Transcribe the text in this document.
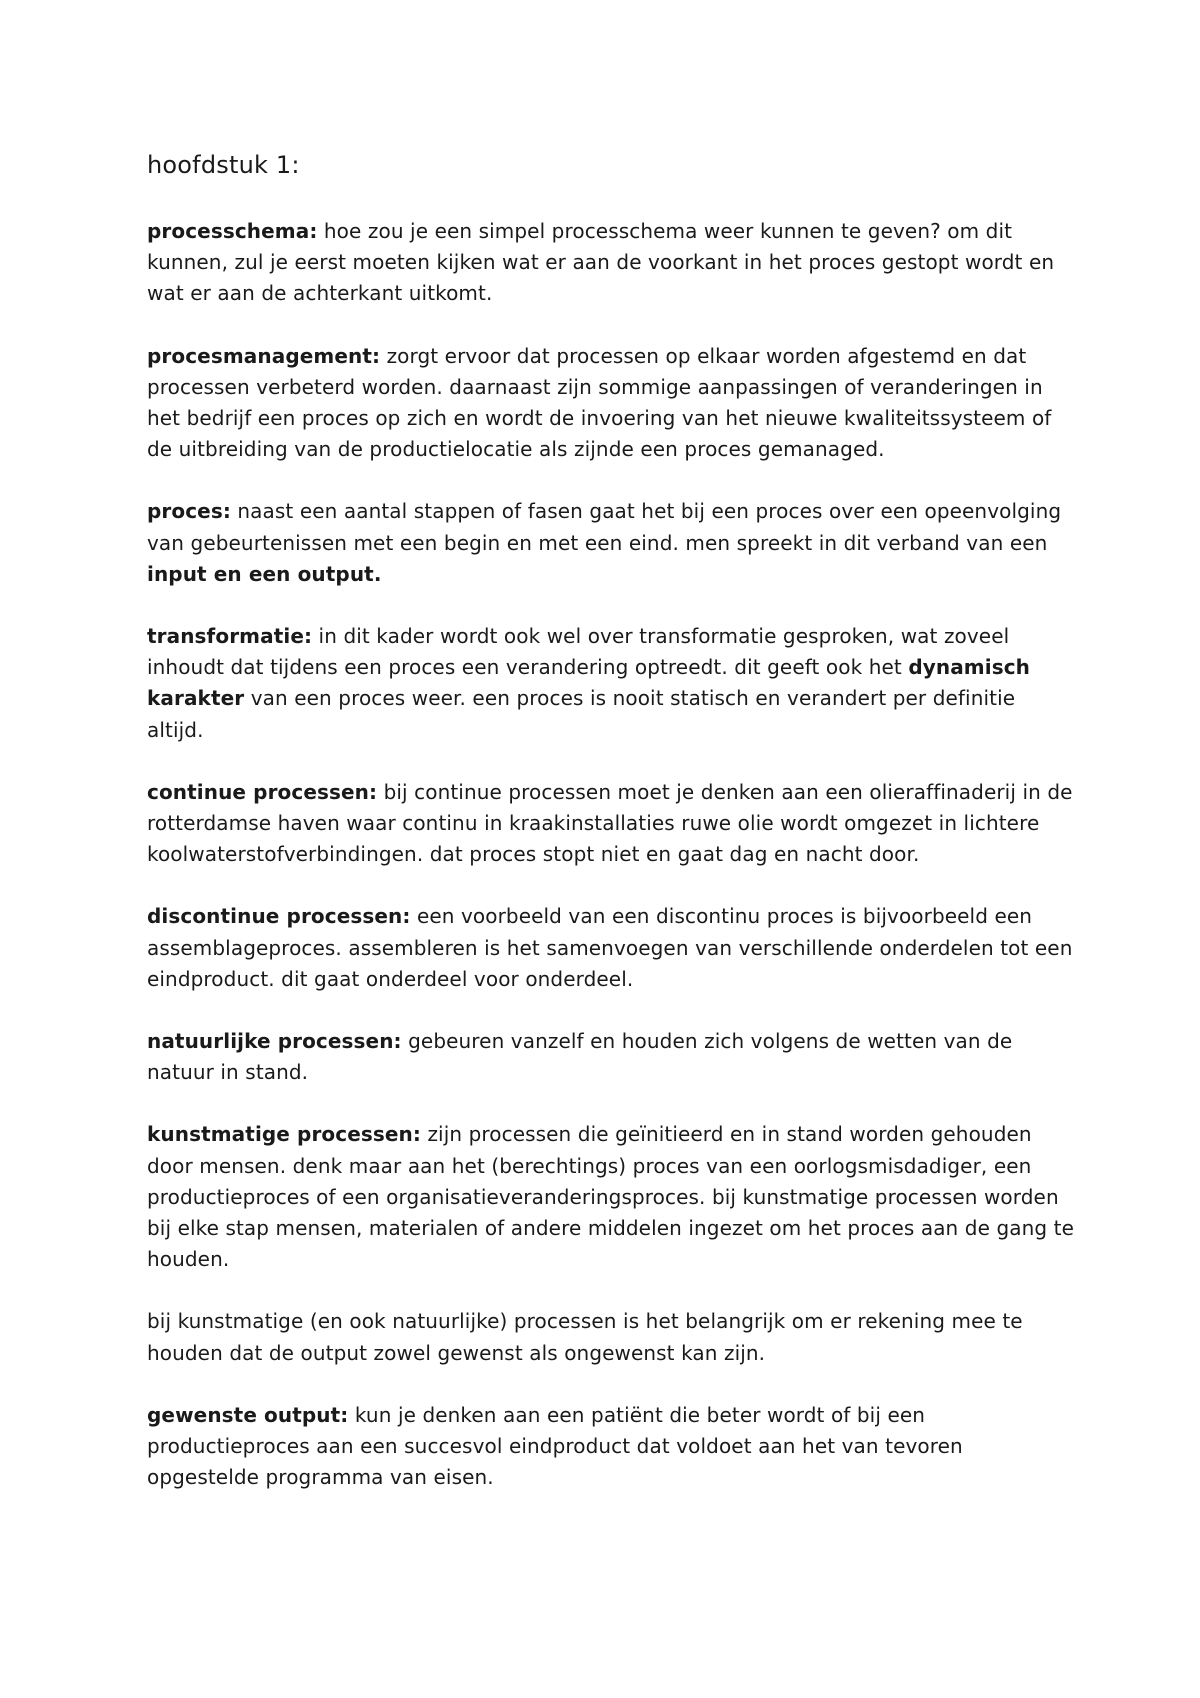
hoofdstuk 1:

processchema: hoe zou je een simpel processchema weer kunnen te geven? om dit kunnen, zul je eerst moeten kijken wat er aan de voorkant in het proces gestopt wordt en wat er aan de achterkant uitkomt.

procesmanagement: zorgt ervoor dat processen op elkaar worden afgestemd en dat processen verbeterd worden. daarnaast zijn sommige aanpassingen of veranderingen in het bedrijf een proces op zich en wordt de invoering van het nieuwe kwaliteitssysteem of de uitbreiding van de productielocatie als zijnde een proces gemanaged.

proces: naast een aantal stappen of fasen gaat het bij een proces over een opeenvolging van gebeurtenissen met een begin en met een eind. men spreekt in dit verband van een input en een output.

transformatie: in dit kader wordt ook wel over transformatie gesproken, wat zoveel inhoudt dat tijdens een proces een verandering optreedt. dit geeft ook het dynamisch karakter van een proces weer. een proces is nooit statisch en verandert per definitie altijd.

continue processen: bij continue processen moet je denken aan een olieraffinaderij in de rotterdamse haven waar continu in kraakinstallaties ruwe olie wordt omgezet in lichtere koolwaterstofverbindingen. dat proces stopt niet en gaat dag en nacht door.

discontinue processen: een voorbeeld van een discontinu proces is bijvoorbeeld een assemblageproces. assembleren is het samenvoegen van verschillende onderdelen tot een eindproduct. dit gaat onderdeel voor onderdeel.

natuurlijke processen: gebeuren vanzelf en houden zich volgens de wetten van de natuur in stand.

kunstmatige processen: zijn processen die geïnitieerd en in stand worden gehouden door mensen. denk maar aan het (berechtings) proces van een oorlogsmisdadiger, een productieproces of een organisatieveranderingsproces. bij kunstmatige processen worden bij elke stap mensen, materialen of andere middelen ingezet om het proces aan de gang te houden.

bij kunstmatige (en ook natuurlijke) processen is het belangrijk om er rekening mee te houden dat de output zowel gewenst als ongewenst kan zijn.

gewenste output: kun je denken aan een patiënt die beter wordt of bij een productieproces aan een succesvol eindproduct dat voldoet aan het van tevoren opgestelde programma van eisen.
